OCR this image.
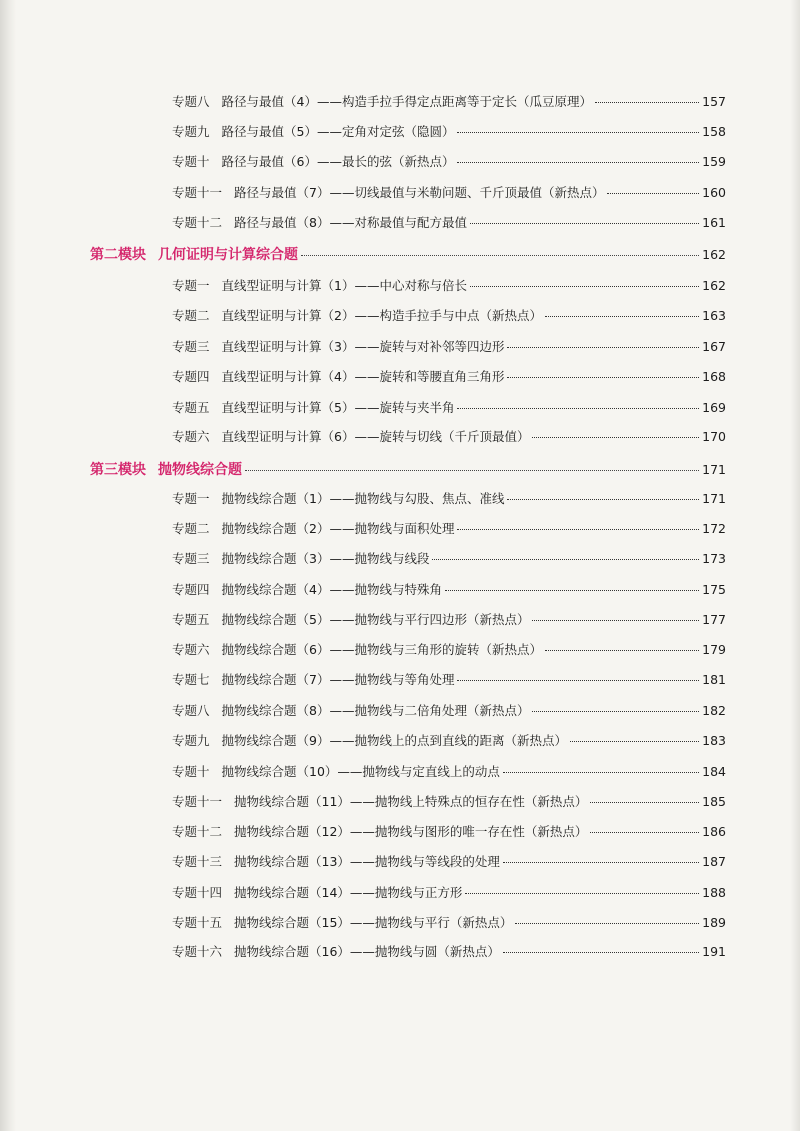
专题八 路径与最值（4）——构造手拉手得定点距离等于定长（瓜豆原理）	157
专题九 路径与最值（5）——定角对定弦（隐圆）	158
专题十 路径与最值（6）——最长的弦（新热点）	159
专题十一 路径与最值（7）——切线最值与米勒问题、千斤顶最值（新热点）	160
专题十二 路径与最值（8）——对称最值与配方最值	161
第二模块 几何证明与计算综合题	162
专题一 直线型证明与计算（1）——中心对称与倍长	162
专题二 直线型证明与计算（2）——构造手拉手与中点（新热点）	163
专题三 直线型证明与计算（3）——旋转与对补邻等四边形	167
专题四 直线型证明与计算（4）——旋转和等腰直角三角形	168
专题五 直线型证明与计算（5）——旋转与夹半角	169
专题六 直线型证明与计算（6）——旋转与切线（千斤顶最值）	170
第三模块 抛物线综合题	171
专题一 抛物线综合题（1）——抛物线与勾股、焦点、准线	171
专题二 抛物线综合题（2）——抛物线与面积处理	172
专题三 抛物线综合题（3）——抛物线与线段	173
专题四 抛物线综合题（4）——抛物线与特殊角	175
专题五 抛物线综合题（5）——抛物线与平行四边形（新热点）	177
专题六 抛物线综合题（6）——抛物线与三角形的旋转（新热点）	179
专题七 抛物线综合题（7）——抛物线与等角处理	181
专题八 抛物线综合题（8）——抛物线与二倍角处理（新热点）	182
专题九 抛物线综合题（9）——抛物线上的点到直线的距离（新热点）	183
专题十 抛物线综合题（10）——抛物线与定直线上的动点	184
专题十一 抛物线综合题（11）——抛物线上特殊点的恒存在性（新热点）	185
专题十二 抛物线综合题（12）——抛物线与图形的唯一存在性（新热点）	186
专题十三 抛物线综合题（13）——抛物线与等线段的处理	187
专题十四 抛物线综合题（14）——抛物线与正方形	188
专题十五 抛物线综合题（15）——抛物线与平行（新热点）	189
专题十六 抛物线综合题（16）——抛物线与圆（新热点）	191
